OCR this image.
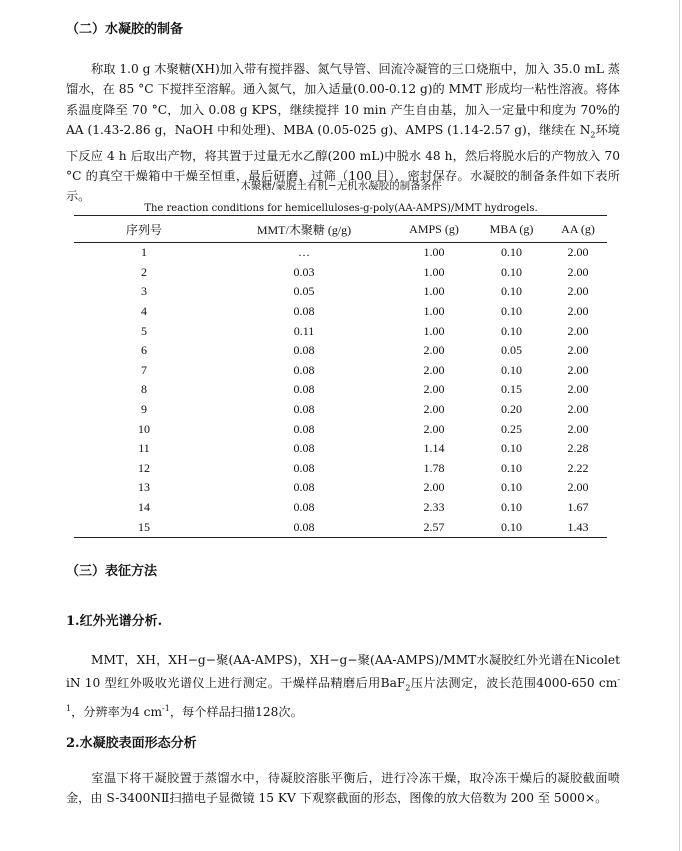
（二）水凝胶的制备
称取 1.0 g 木聚糖(XH)加入带有搅拌器、氮气导管、回流冷凝管的三口烧瓶中，加入 35.0 mL 蒸馏水，在 85 °C 下搅拌至溶解。通入氮气，加入适量(0.00-0.12 g)的 MMT 形成均一粘性溶液。将体系温度降至 70 °C，加入 0.08 g KPS，继续搅拌 10 min 产生自由基，加入一定量中和度为 70%的 AA (1.43-2.86 g，NaOH 中和处理)、MBA (0.05-025 g)、AMPS (1.14-2.57 g)，继续在 $N_2$环境下反应 4 h 后取出产物，将其置于过量无水乙醇(200 mL)中脱水 48 h，然后将脱水后的产物放入 70 °C 的真空干燥箱中干燥至恒重，最后研磨，过筛（100 目），密封保存。水凝胶的制备条件如下表所示。
木聚糖/蒙脱土有机−无机水凝胶的制备条件
The reaction conditions for hemicelluloses-g-poly(AA-AMPS)/MMT hydrogels.
序列号	MMT/木聚糖 (g/g)	AMPS (g)	MBA (g)	AA (g)
1	…	1.00	0.10	2.00
2	0.03	1.00	0.10	2.00
3	0.05	1.00	0.10	2.00
4	0.08	1.00	0.10	2.00
5	0.11	1.00	0.10	2.00
6	0.08	2.00	0.05	2.00
7	0.08	2.00	0.10	2.00
8	0.08	2.00	0.15	2.00
9	0.08	2.00	0.20	2.00
10	0.08	2.00	0.25	2.00
11	0.08	1.14	0.10	2.28
12	0.08	1.78	0.10	2.22
13	0.08	2.00	0.10	2.00
14	0.08	2.33	0.10	1.67
15	0.08	2.57	0.10	1.43
（三）表征方法
1.红外光谱分析.
MMT，XH，XH−g−聚(AA-AMPS)，XH−g−聚(AA-AMPS)/MMT水凝胶红外光谱在Nicolet iN 10 型红外吸收光谱仪上进行测定。干燥样品精磨后用BaF$_2$压片法测定，波长范围4000-650 $cm^{-1}$，分辨率为4 $cm^{-1}$，每个样品扫描128次。
2.水凝胶表面形态分析
室温下将干凝胶置于蒸馏水中，待凝胶溶胀平衡后，进行冷冻干燥，取冷冻干燥后的凝胶截面喷金，由 S-3400NⅡ扫描电子显微镜 15 KV 下观察截面的形态，图像的放大倍数为 200 至 5000×。
